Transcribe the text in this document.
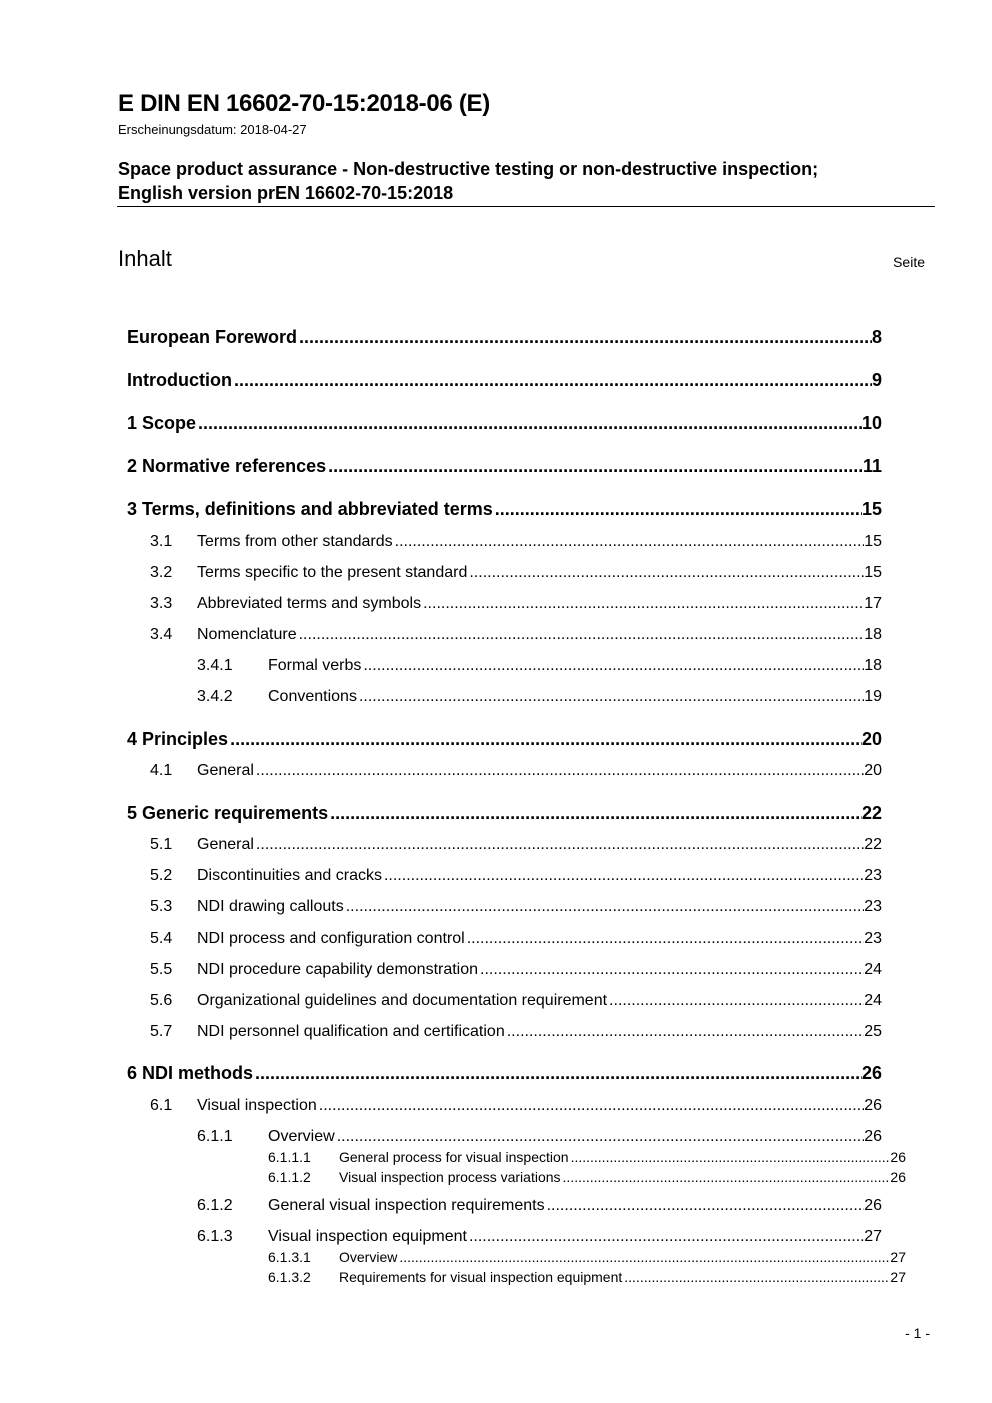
E DIN EN 16602-70-15:2018-06 (E)
Erscheinungsdatum: 2018-04-27
Space product assurance - Non-destructive testing or non-destructive inspection;
English version prEN 16602-70-15:2018
Inhalt	Seite
European Foreword .....	8
Introduction .....	9
1 Scope .....	10
2 Normative references .....	11
3 Terms, definitions and abbreviated terms .....	15
3.1	Terms from other standards .....	15
3.2	Terms specific to the present standard .....	15
3.3	Abbreviated terms and symbols .....	17
3.4	Nomenclature .....	18
3.4.1	Formal verbs .....	18
3.4.2	Conventions .....	19
4 Principles .....	20
4.1	General .....	20
5 Generic requirements .....	22
5.1	General .....	22
5.2	Discontinuities and cracks .....	23
5.3	NDI drawing callouts .....	23
5.4	NDI process and configuration control .....	23
5.5	NDI procedure capability demonstration .....	24
5.6	Organizational guidelines and documentation requirement .....	24
5.7	NDI personnel qualification and certification .....	25
6 NDI methods .....	26
6.1	Visual inspection .....	26
6.1.1	Overview .....	26
6.1.1.1	General process for visual inspection .....	26
6.1.1.2	Visual inspection process variations .....	26
6.1.2	General visual inspection requirements .....	26
6.1.3	Visual inspection equipment .....	27
6.1.3.1	Overview .....	27
6.1.3.2	Requirements for visual inspection equipment .....	27
- 1 -
